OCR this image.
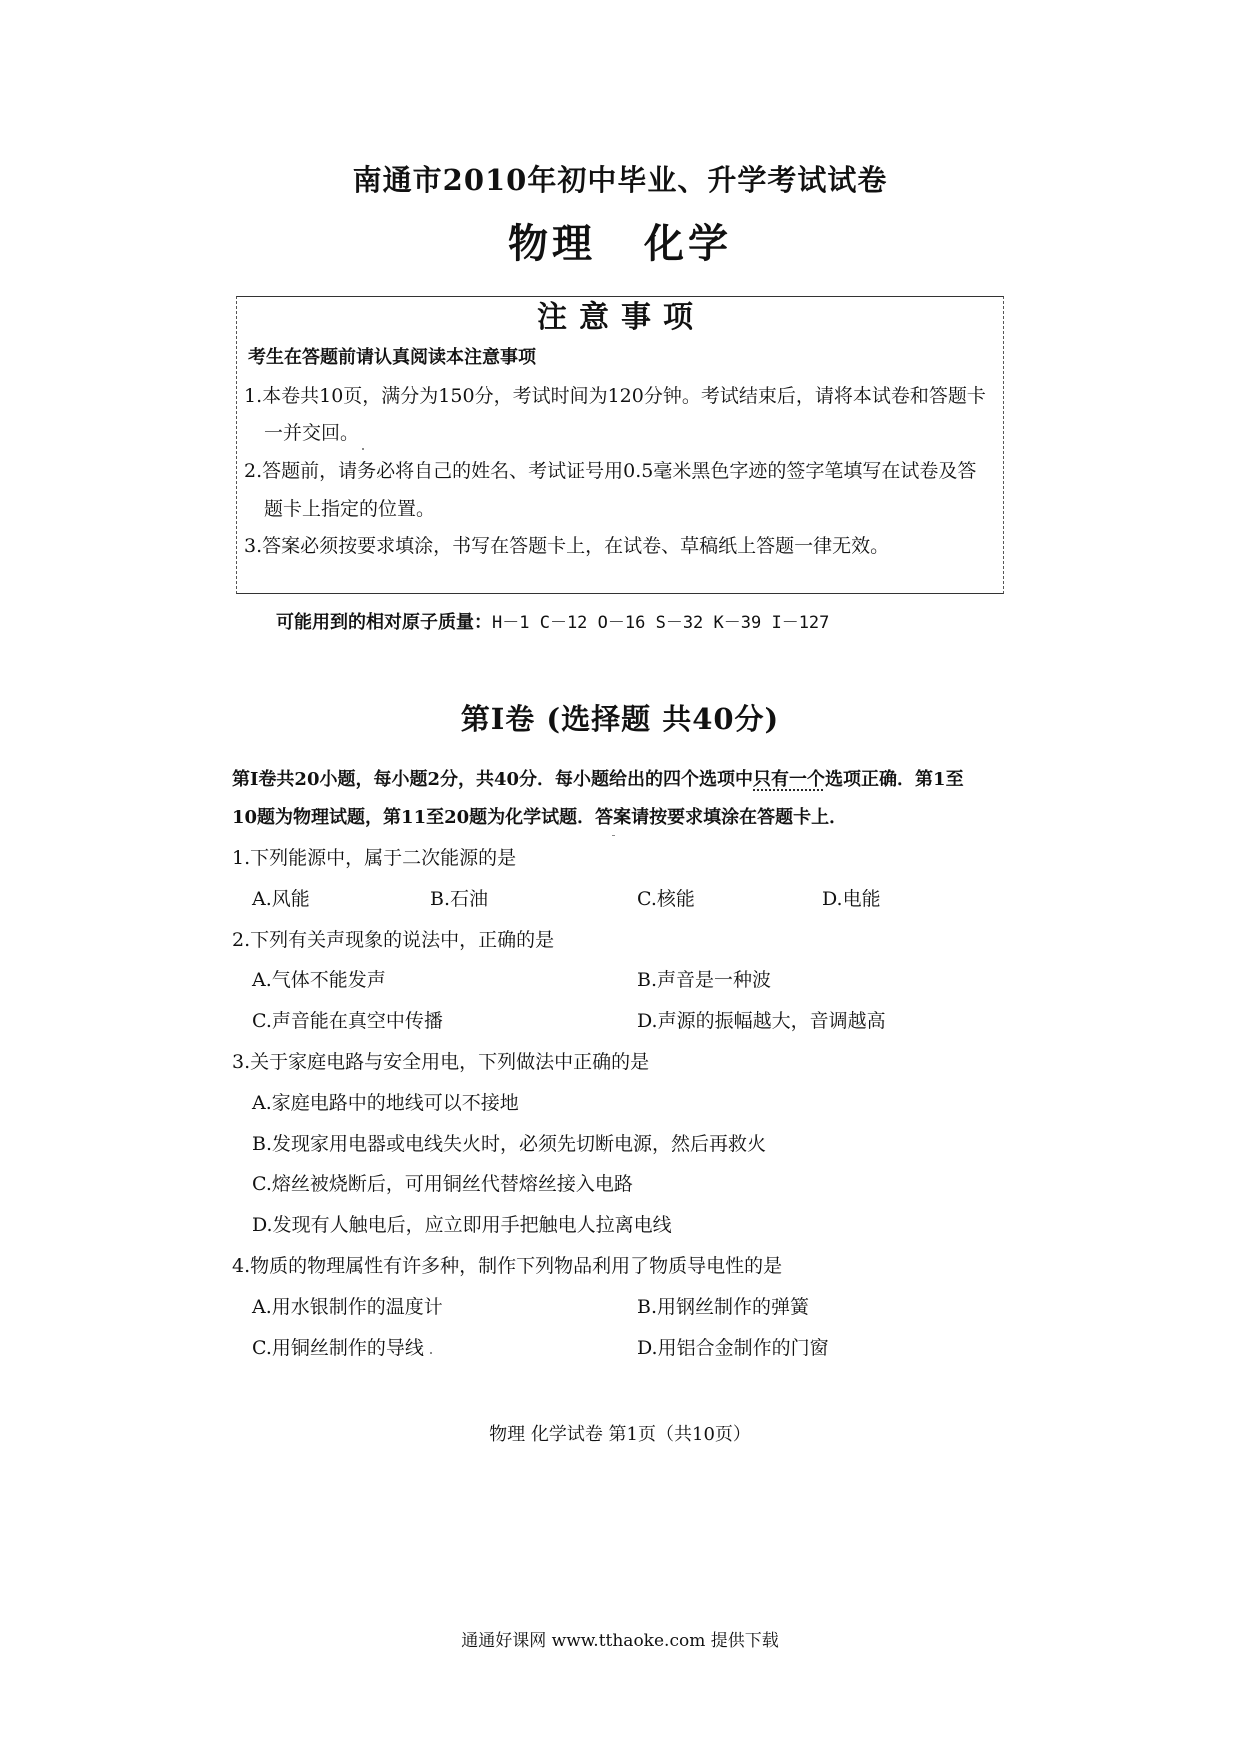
南通市2010年初中毕业、升学考试试卷
物理 化学
注意事项
考生在答题前请认真阅读本注意事项
1.本卷共10页，满分为150分，考试时间为120分钟。考试结束后，请将本试卷和答题卡
一并交回。
2.答题前，请务必将自己的姓名、考试证号用0.5毫米黑色字迹的签字笔填写在试卷及答
题卡上指定的位置。
3.答案必须按要求填涂，书写在答题卡上，在试卷、草稿纸上答题一律无效。
可能用到的相对原子质量：H－1 C－12 O－16 S－32 K－39 I－127
第Ⅰ卷 (选择题 共40分)
第Ⅰ卷共20小题，每小题2分，共40分．每小题给出的四个选项中只有一个选项正确．第1至
10题为物理试题，第11至20题为化学试题．答案请按要求填涂在答题卡上．
1.下列能源中，属于二次能源的是
A.风能	B.石油	C.核能	D.电能
2.下列有关声现象的说法中，正确的是
A.气体不能发声	B.声音是一种波
C.声音能在真空中传播	D.声源的振幅越大，音调越高
3.关于家庭电路与安全用电，下列做法中正确的是
A.家庭电路中的地线可以不接地
B.发现家用电器或电线失火时，必须先切断电源，然后再救火
C.熔丝被烧断后，可用铜丝代替熔丝接入电路
D.发现有人触电后，应立即用手把触电人拉离电线
4.物质的物理属性有许多种，制作下列物品利用了物质导电性的是
A.用水银制作的温度计	B.用钢丝制作的弹簧
C.用铜丝制作的导线	D.用铝合金制作的门窗
物理 化学试卷 第1页（共10页）
通通好课网 www.tthaoke.com 提供下载
